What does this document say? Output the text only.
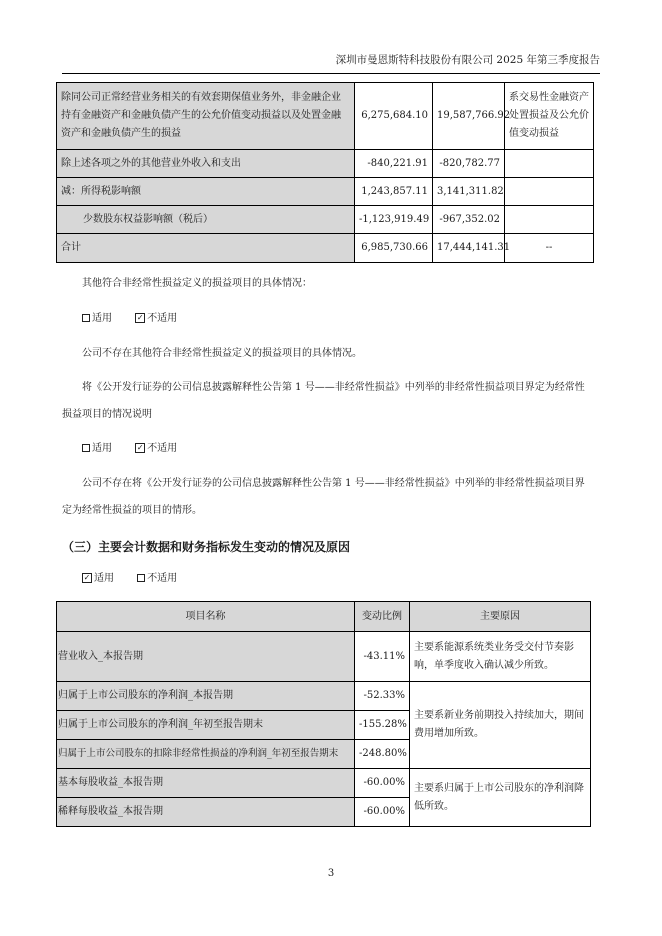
深圳市曼恩斯特科技股份有限公司 2025 年第三季度报告
除同公司正常经营业务相关的有效套期保值业务外，非金融企业持有金融资产和金融负债产生的公允价值变动损益以及处置金融资产和金融负债产生的损益	6,275,684.10	19,587,766.92	系交易性金融资产处置损益及公允价值变动损益
除上述各项之外的其他营业外收入和支出	-840,221.91	-820,782.77	
减：所得税影响额	1,243,857.11	3,141,311.82	
少数股东权益影响额（税后）	-1,123,919.49	-967,352.02	
合计	6,985,730.66	17,444,141.31	--
其他符合非经常性损益定义的损益项目的具体情况：
适用	✓ 不适用
公司不存在其他符合非经常性损益定义的损益项目的具体情况。
将《公开发行证券的公司信息披露解释性公告第 1 号——非经常性损益》中列举的非经常性损益项目界定为经常性
损益项目的情况说明
适用	✓ 不适用
公司不存在将《公开发行证券的公司信息披露解释性公告第 1 号——非经常性损益》中列举的非经常性损益项目界
定为经常性损益的项目的情形。
（三）主要会计数据和财务指标发生变动的情况及原因
✓ 适用	不适用
项目名称	变动比例	主要原因
营业收入_本报告期	-43.11%	主要系能源系统类业务受交付节奏影响，单季度收入确认减少所致。
归属于上市公司股东的净利润_本报告期	-52.33%	主要系新业务前期投入持续加大，期间费用增加所致。
归属于上市公司股东的净利润_年初至报告期末	-155.28%	
归属于上市公司股东的扣除非经常性损益的净利润_年初至报告期末	-248.80%	
基本每股收益_本报告期	-60.00%	主要系归属于上市公司股东的净利润降低所致。
稀释每股收益_本报告期	-60.00%	
3
